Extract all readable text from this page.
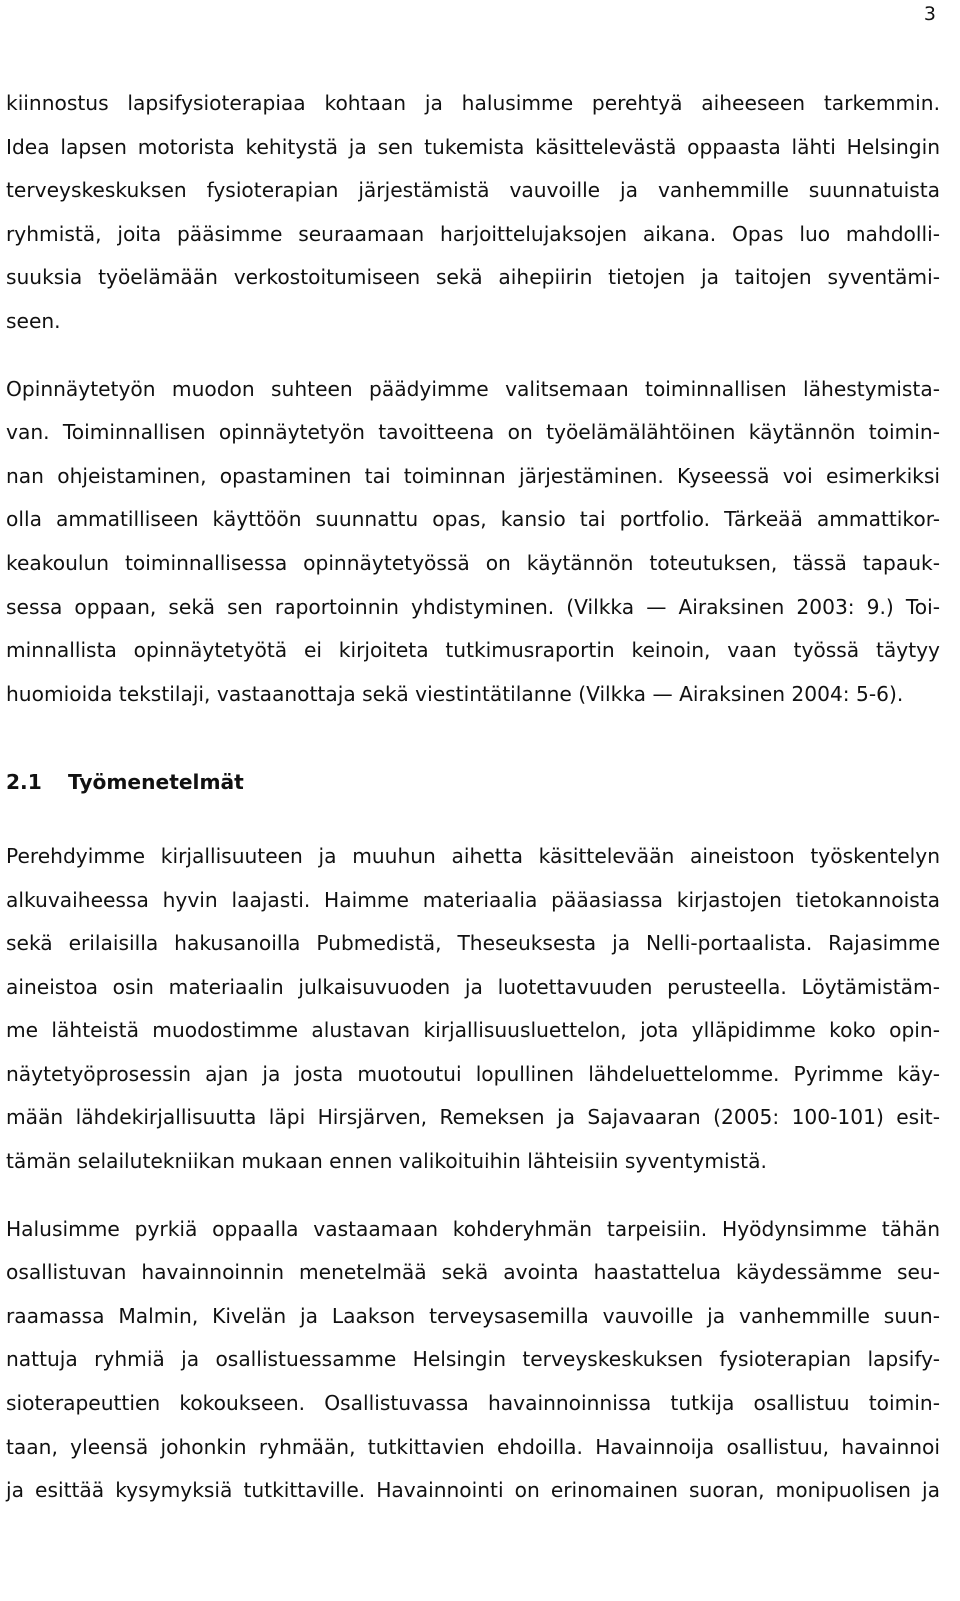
3

kiinnostus lapsifysioterapiaa kohtaan ja halusimme perehtyä aiheeseen tarkemmin.
Idea lapsen motorista kehitystä ja sen tukemista käsittelevästä oppaasta lähti Helsingin
terveyskeskuksen fysioterapian järjestämistä vauvoille ja vanhemmille suunnatuista
ryhmistä, joita pääsimme seuraamaan harjoittelujaksojen aikana. Opas luo mahdolli-
suuksia työelämään verkostoitumiseen sekä aihepiirin tietojen ja taitojen syventämi-
seen.

Opinnäytetyön muodon suhteen päädyimme valitsemaan toiminnallisen lähestymista-
van. Toiminnallisen opinnäytetyön tavoitteena on työelämälähtöinen käytännön toimin-
nan ohjeistaminen, opastaminen tai toiminnan järjestäminen. Kyseessä voi esimerkiksi
olla ammatilliseen käyttöön suunnattu opas, kansio tai portfolio. Tärkeää ammattikor-
keakoulun toiminnallisessa opinnäytetyössä on käytännön toteutuksen, tässä tapauk-
sessa oppaan, sekä sen raportoinnin yhdistyminen. (Vilkka — Airaksinen 2003: 9.) Toi-
minnallista opinnäytetyötä ei kirjoiteta tutkimusraportin keinoin, vaan työssä täytyy
huomioida tekstilaji, vastaanottaja sekä viestintätilanne (Vilkka — Airaksinen 2004: 5-6).

2.1 Työmenetelmät

Perehdyimme kirjallisuuteen ja muuhun aihetta käsittelevään aineistoon työskentelyn
alkuvaiheessa hyvin laajasti. Haimme materiaalia pääasiassa kirjastojen tietokannoista
sekä erilaisilla hakusanoilla Pubmedistä, Theseuksesta ja Nelli-portaalista. Rajasimme
aineistoa osin materiaalin julkaisuvuoden ja luotettavuuden perusteella. Löytämistäm-
me lähteistä muodostimme alustavan kirjallisuusluettelon, jota ylläpidimme koko opin-
näytetyöprosessin ajan ja josta muotoutui lopullinen lähdeluettelomme. Pyrimme käy-
mään lähdekirjallisuutta läpi Hirsjärven, Remeksen ja Sajavaaran (2005: 100-101) esit-
tämän selailutekniikan mukaan ennen valikoituihin lähteisiin syventymistä.

Halusimme pyrkiä oppaalla vastaamaan kohderyhmän tarpeisiin. Hyödynsimme tähän
osallistuvan havainnoinnin menetelmää sekä avointa haastattelua käydessämme seu-
raamassa Malmin, Kivelän ja Laakson terveysasemilla vauvoille ja vanhemmille suun-
nattuja ryhmiä ja osallistuessamme Helsingin terveyskeskuksen fysioterapian lapsify-
sioterapeuttien kokoukseen. Osallistuvassa havainnoinnissa tutkija osallistuu toimin-
taan, yleensä johonkin ryhmään, tutkittavien ehdoilla. Havainnoija osallistuu, havainnoi
ja esittää kysymyksiä tutkittaville. Havainnointi on erinomainen suoran, monipuolisen ja
